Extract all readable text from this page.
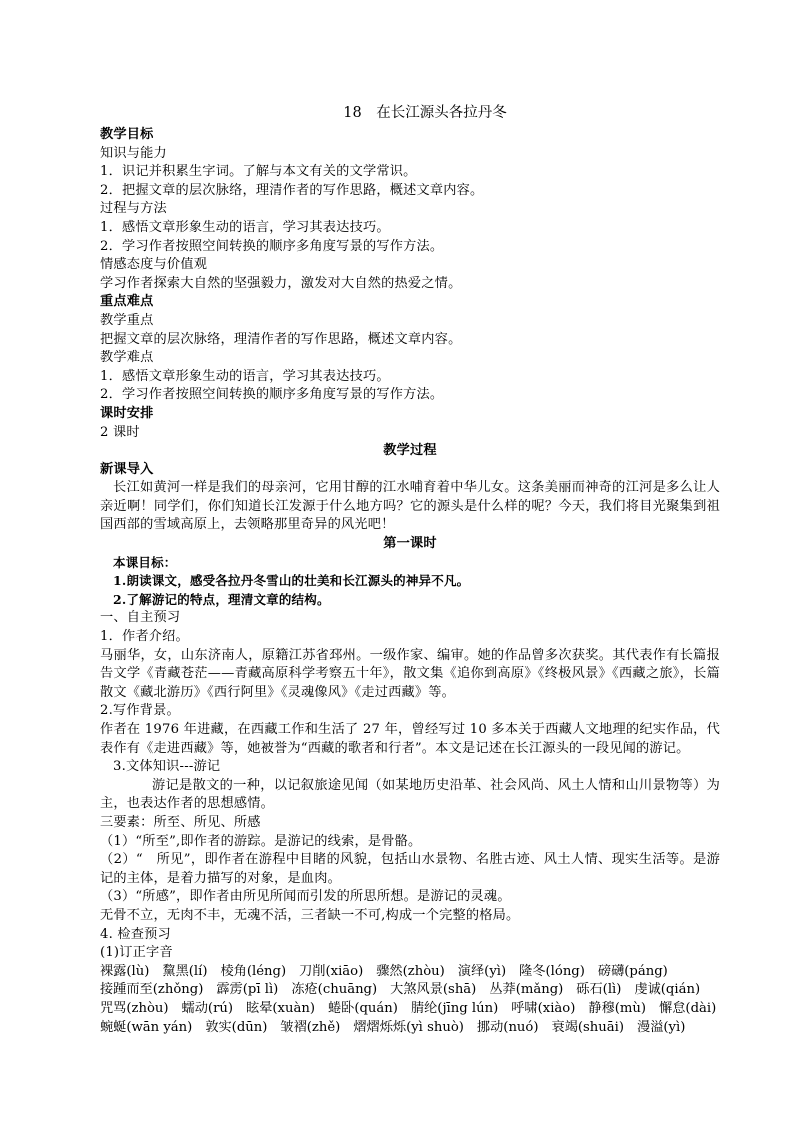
18　在长江源头各拉丹冬
教学目标
知识与能力
1．识记并积累生字词。了解与本文有关的文学常识。
2．把握文章的层次脉络，理清作者的写作思路，概述文章内容。
过程与方法
1．感悟文章形象生动的语言，学习其表达技巧。
2．学习作者按照空间转换的顺序多角度写景的写作方法。
情感态度与价值观
学习作者探索大自然的坚强毅力，激发对大自然的热爱之情。
重点难点
教学重点
把握文章的层次脉络，理清作者的写作思路，概述文章内容。
教学难点
1．感悟文章形象生动的语言，学习其表达技巧。
2．学习作者按照空间转换的顺序多角度写景的写作方法。
课时安排
2 课时
教学过程
新课导入
长江如黄河一样是我们的母亲河，它用甘醇的江水哺育着中华儿女。这条美丽而神奇的江河是多么让人亲近啊！同学们，你们知道长江发源于什么地方吗？它的源头是什么样的呢？今天，我们将目光聚集到祖国西部的雪域高原上，去领略那里奇异的风光吧！
第一课时
本课目标：
1.朗读课文，感受各拉丹冬雪山的壮美和长江源头的神异不凡。
2.了解游记的特点，理清文章的结构。
一、自主预习
1．作者介绍。
马丽华，女，山东济南人，原籍江苏省邳州。一级作家、编审。她的作品曾多次获奖。其代表作有长篇报告文学《青藏苍茫——青藏高原科学考察五十年》，散文集《追你到高原》《终极风景》《西藏之旅》，长篇散文《藏北游历》《西行阿里》《灵魂像风》《走过西藏》等。
2.写作背景。
作者在 1976 年进藏，在西藏工作和生活了 27 年，曾经写过 10 多本关于西藏人文地理的纪实作品，代表作有《走进西藏》等，她被誉为“西藏的歌者和行者”。本文是记述在长江源头的一段见闻的游记。
3.文体知识---游记
游记是散文的一种，以记叙旅途见闻（如某地历史沿革、社会风尚、风土人情和山川景物等）为主，也表达作者的思想感情。
三要素：所至、所见、所感
（1）“所至”,即作者的游踪。是游记的线索，是骨骼。
（2）“　所见”，即作者在游程中目睹的风貌，包括山水景物、名胜古迹、风土人情、现实生活等。是游记的主体，是着力描写的对象，是血肉。
（3）“所感”，即作者由所见所闻而引发的所思所想。是游记的灵魂。
无骨不立，无肉不丰，无魂不活，三者缺一不可,构成一个完整的格局。
4. 检查预习
(1)订正字音
裸露(lù) 黧黑(lí) 棱角(léng) 刀削(xiāo) 骤然(zhòu) 演绎(yì) 隆冬(lóng) 磅礴(páng)
接踵而至(zhǒng) 霹雳(pī lì) 冻疮(chuāng) 大煞风景(shā) 丛莽(mǎng) 砾石(lì) 虔诚(qián)
咒骂(zhòu) 蠕动(rú) 眩晕(xuàn) 蜷卧(quán) 腈纶(jīng lún) 呼啸(xiào) 静穆(mù) 懈怠(dài)
蜿蜒(wān yán) 敦实(dūn) 皱褶(zhě) 熠熠烁烁(yì shuò) 挪动(nuó) 衰竭(shuāi) 漫溢(yì)
